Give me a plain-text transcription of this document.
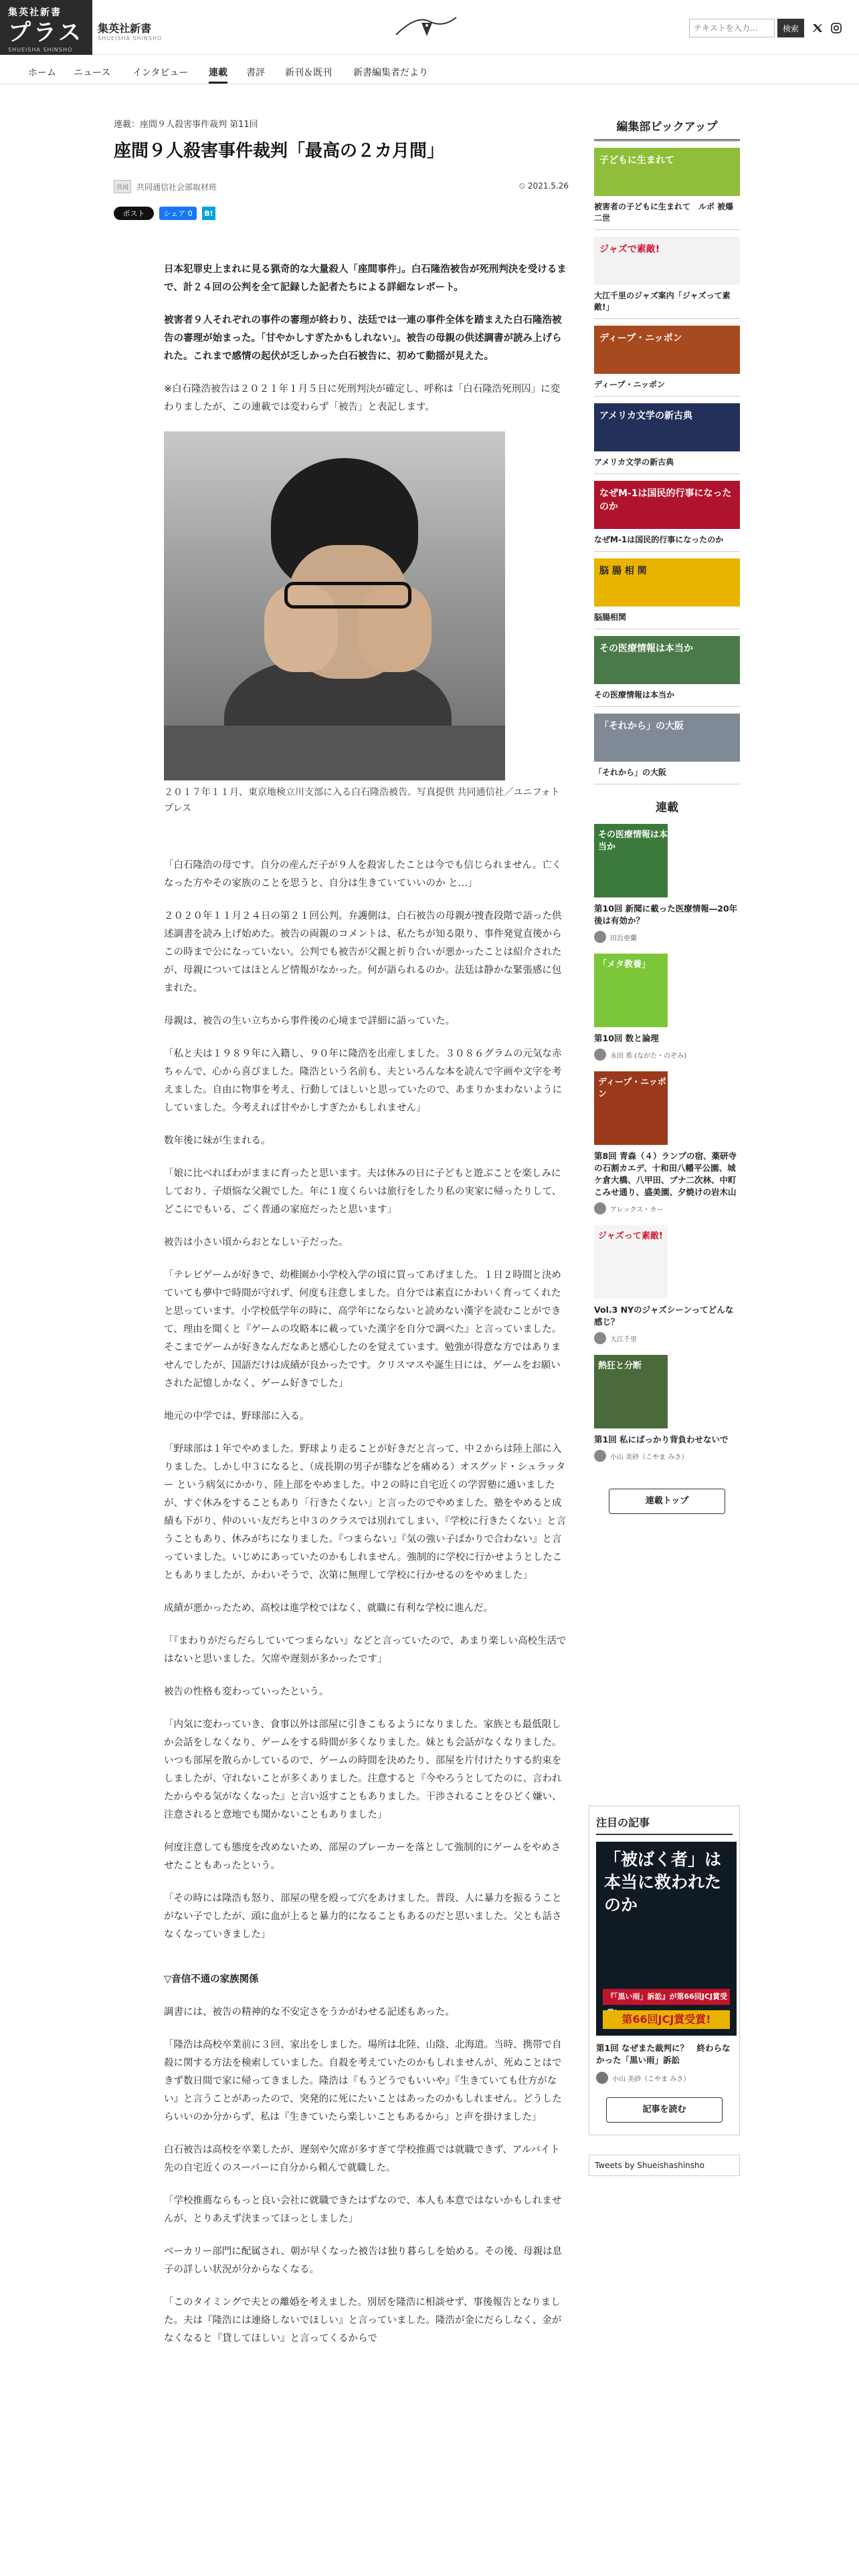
集英社新書
プラス
SHUEISHA SHINSHO
集英社新書
SHUEISHA SHINSHO
テキストを入力...
検索
ホーム ニュース インタビュー 連載 書評 新刊＆既刊 新書編集者だより
連載：座間９人殺害事件裁判 第11回
座間９人殺害事件裁判「最高の２カ月間」
共同	共同通信社会部取材班	⏲ 2021.5.26
ポスト	シェア 0	B!

日本犯罪史上まれに見る猟奇的な大量殺人「座間事件」。白石隆浩被告が死刑判決を受けるまで、計２４回の公判を全て記録した記者たちによる詳細なレポート。

被害者９人それぞれの事件の審理が終わり、法廷では一連の事件全体を踏まえた白石隆浩被告の審理が始まった。「甘やかしすぎたかもしれない」。被告の母親の供述調書が読み上げられた。これまで感情の起伏が乏しかった白石被告に、初めて動揺が見えた。

※白石隆浩被告は２０２１年１月５日に死刑判決が確定し、呼称は「白石隆浩死刑囚」に変わりましたが、この連載では変わらず「被告」と表記します。

２０１７年１１月、東京地検立川支部に入る白石隆浩被告。写真提供 共同通信社／ユニフォトプレス

「白石隆浩の母です。自分の産んだ子が９人を殺害したことは今でも信じられません。亡くなった方やその家族のことを思うと、自分は生きていていいのか と…」

２０２０年１１月２４日の第２１回公判。弁護側は、白石被告の母親が捜査段階で語った供述調書を読み上げ始めた。被告の両親のコメントは、私たちが知る限り、事件発覚直後からこの時まで公になっていない。公判でも被告が父親と折り合いが悪かったことは紹介されたが、母親についてはほとんど情報がなかった。何が語られるのか。法廷は静かな緊張感に包まれた。

母親は、被告の生い立ちから事件後の心境まで詳細に語っていた。

「私と夫は１９８９年に入籍し、９０年に隆浩を出産しました。３０８６グラムの元気な赤ちゃんで、心から喜びました。隆浩という名前も、夫といろんな本を読んで字画や文字を考えました。自由に物事を考え、行動してほしいと思っていたので、あまりかまわないようにしていました。今考えれば甘やかしすぎたかもしれません」

数年後に妹が生まれる。

「娘に比べればわがままに育ったと思います。夫は休みの日に子どもと遊ぶことを楽しみにしており、子煩悩な父親でした。年に１度くらいは旅行をしたり私の実家に帰ったりして、どこにでもいる、ごく普通の家庭だったと思います」

被告は小さい頃からおとなしい子だった。

「テレビゲームが好きで、幼稚園か小学校入学の頃に買ってあげました。１日２時間と決めていても夢中で時間が守れず、何度も注意しました。自分では素直にかわいく育ってくれたと思っています。小学校低学年の時に、高学年にならないと読めない漢字を読むことができて、理由を聞くと『ゲームの攻略本に載っていた漢字を自分で調べた』と言っていました。そこまでゲームが好きなんだなあと感心したのを覚えています。勉強が得意な方ではありませんでしたが、国語だけは成績が良かったです。クリスマスや誕生日には、ゲームをお願いされた記憶しかなく、ゲーム好きでした」

地元の中学では、野球部に入る。

「野球部は１年でやめました。野球より走ることが好きだと言って、中２からは陸上部に入りました。しかし中３になると、（成長期の男子が膝などを痛める）オスグッド・シュラッター という病気にかかり、陸上部をやめました。中２の時に自宅近くの学習塾に通いましたが、すぐ休みをすることもあり「行きたくない」と言ったのでやめました。塾をやめると成績も下がり、仲のいい友だちと中３のクラスでは別れてしまい、『学校に行きたくない』と言うこともあり、休みがちになりました。『つまらない』『気の強い子ばかりで合わない』と言っていました。いじめにあっていたのかもしれません。強制的に学校に行かせようとしたこともありましたが、かわいそうで、次第に無理して学校に行かせるのをやめました」

成績が悪かったため、高校は進学校ではなく、就職に有利な学校に進んだ。

「『まわりがだらだらしていてつまらない』などと言っていたので、あまり楽しい高校生活ではないと思いました。欠席や遅刻が多かったです」

被告の性格も変わっていったという。

「内気に変わっていき、食事以外は部屋に引きこもるようになりました。家族とも最低限しか会話をしなくなり、ゲームをする時間が多くなりました。妹とも会話がなくなりました。いつも部屋を散らかしているので、ゲームの時間を決めたり、部屋を片付けたりする約束をしましたが、守れないことが多くありました。注意すると『今やろうとしてたのに、言われたからやる気がなくなった』と言い返すこともありました。干渉されることをひどく嫌い、注意されると意地でも聞かないこともありました」

何度注意しても態度を改めないため、部屋のブレーカーを落として強制的にゲームをやめさせたこともあったという。

「その時には隆浩も怒り、部屋の壁を殴って穴をあけました。普段、人に暴力を振るうことがない子でしたが、頭に血が上ると暴力的になることもあるのだと思いました。父とも話さなくなっていきました」

▽音信不通の家族関係

調書には、被告の精神的な不安定さをうかがわせる記述もあった。

「隆浩は高校卒業前に３回、家出をしました。場所は北陸、山陰、北海道。当時、携帯で自殺に関する方法を検索していました。自殺を考えていたのかもしれませんが、死ぬことはできず数日間で家に帰ってきました。隆浩は『もうどうでもいいや』『生きていても仕方がない』と言うことがあったので、突発的に死にたいことはあったのかもしれません。どうしたらいいのか分からず、私は『生きていたら楽しいこともあるから』と声を掛けました」

白石被告は高校を卒業したが、遅刻や欠席が多すぎて学校推薦では就職できず、アルバイト先の自宅近くのスーパーに自分から頼んで就職した。

「学校推薦ならもっと良い会社に就職できたはずなので、本人も本意ではないかもしれませんが、とりあえず決まってほっとしました」

ベーカリー部門に配属され、朝が早くなった被告は独り暮らしを始める。その後、母親は息子の詳しい状況が分からなくなる。

「このタイミングで夫との離婚を考えました。別居を隆浩に相談せず、事後報告となりました。夫は『隆浩には連絡しないでほしい』と言っていました。隆浩が金にだらしなく、金がなくなると『貸してほしい』と言ってくるからで

編集部ピックアップ
子どもに生まれて
被害者の子どもに生まれて　ルポ 被爆二世
ジャズで素敵!
大江千里のジャズ案内「ジャズって素敵!」
ディープ・ニッポン
ディープ・ニッポン
アメリカ文学の新古典
アメリカ文学の新古典
なぜM-1は国民的行事になったのか
なぜM-1は国民的行事になったのか
脳 腸 相 関
脳腸相関
その医療情報は本当か
その医療情報は本当か
「それから」の大阪
「それから」の大阪
連載
その医療情報は本当か
第10回 新聞に載った医療情報―20年後は有効か？
田近亜蘭
「メタ教養」
第10回 数と論理
永田 希 (ながた・のぞみ)
ディープ・ニッポン
第8回 青森（４）ランプの宿、薬研寺の石割カエデ、十和田八幡平公園、城ケ倉大橋、八甲田、ブナ二次林、中町こみせ通り、盛美園、夕焼けの岩木山
アレックス・カー
ジャズって素敵!
Vol.3 NYのジャズシーンってどんな感じ？
大江千里
熱狂と分断
第1回 私にばっかり背負わせないで
小山 美砂（こやま みさ）
連載トップ
注目の記事
「被ばく者」は本当に救われたのか
『「黒い雨」訴訟』が第66回JCJ賞受
第66回JCJ賞受賞!
第1回 なぜまた裁判に？　終わらなかった「黒い雨」訴訟
小山 美砂（こやま みさ）
記事を読む
Tweets by Shueishashinsho
